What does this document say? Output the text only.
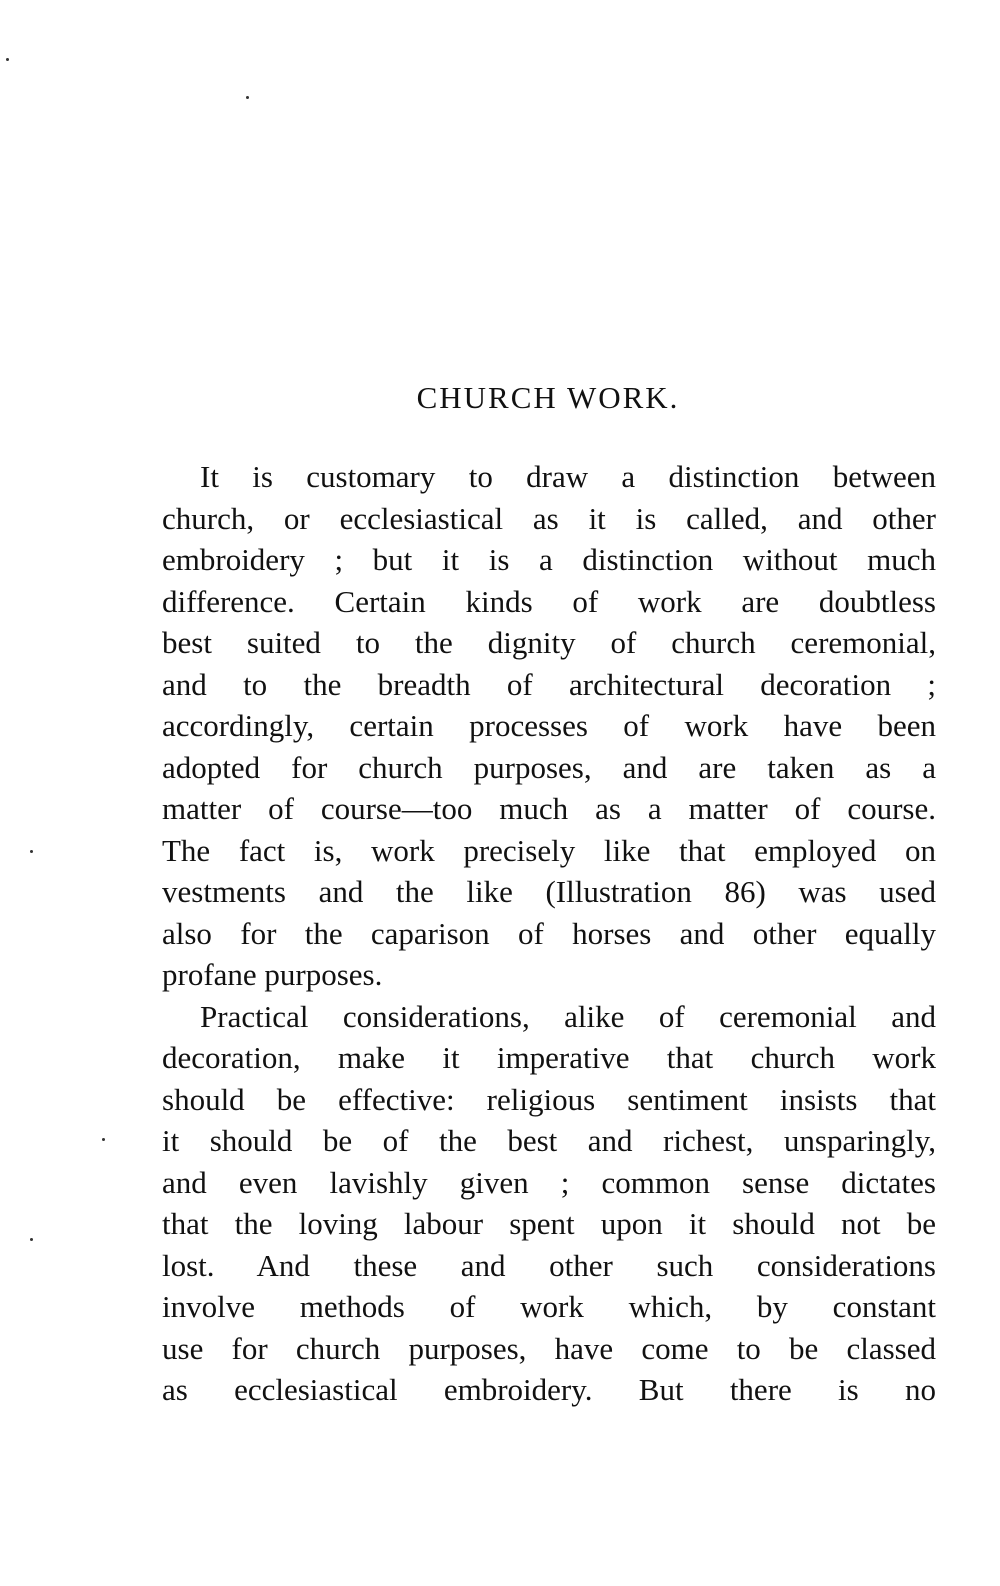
CHURCH WORK.
It is customary to draw a distinction between
church, or ecclesiastical as it is called, and other
embroidery ; but it is a distinction without much
difference. Certain kinds of work are doubtless
best suited to the dignity of church ceremonial,
and to the breadth of architectural decoration ;
accordingly, certain processes of work have been
adopted for church purposes, and are taken as a
matter of course—too much as a matter of course.
The fact is, work precisely like that employed on
vestments and the like (Illustration 86) was used
also for the caparison of horses and other equally
profane purposes.
Practical considerations, alike of ceremonial and
decoration, make it imperative that church work
should be effective: religious sentiment insists that
it should be of the best and richest, unsparingly,
and even lavishly given ; common sense dictates
that the loving labour spent upon it should not be
lost. And these and other such considerations
involve methods of work which, by constant
use for church purposes, have come to be classed
as ecclesiastical embroidery. But there is no
